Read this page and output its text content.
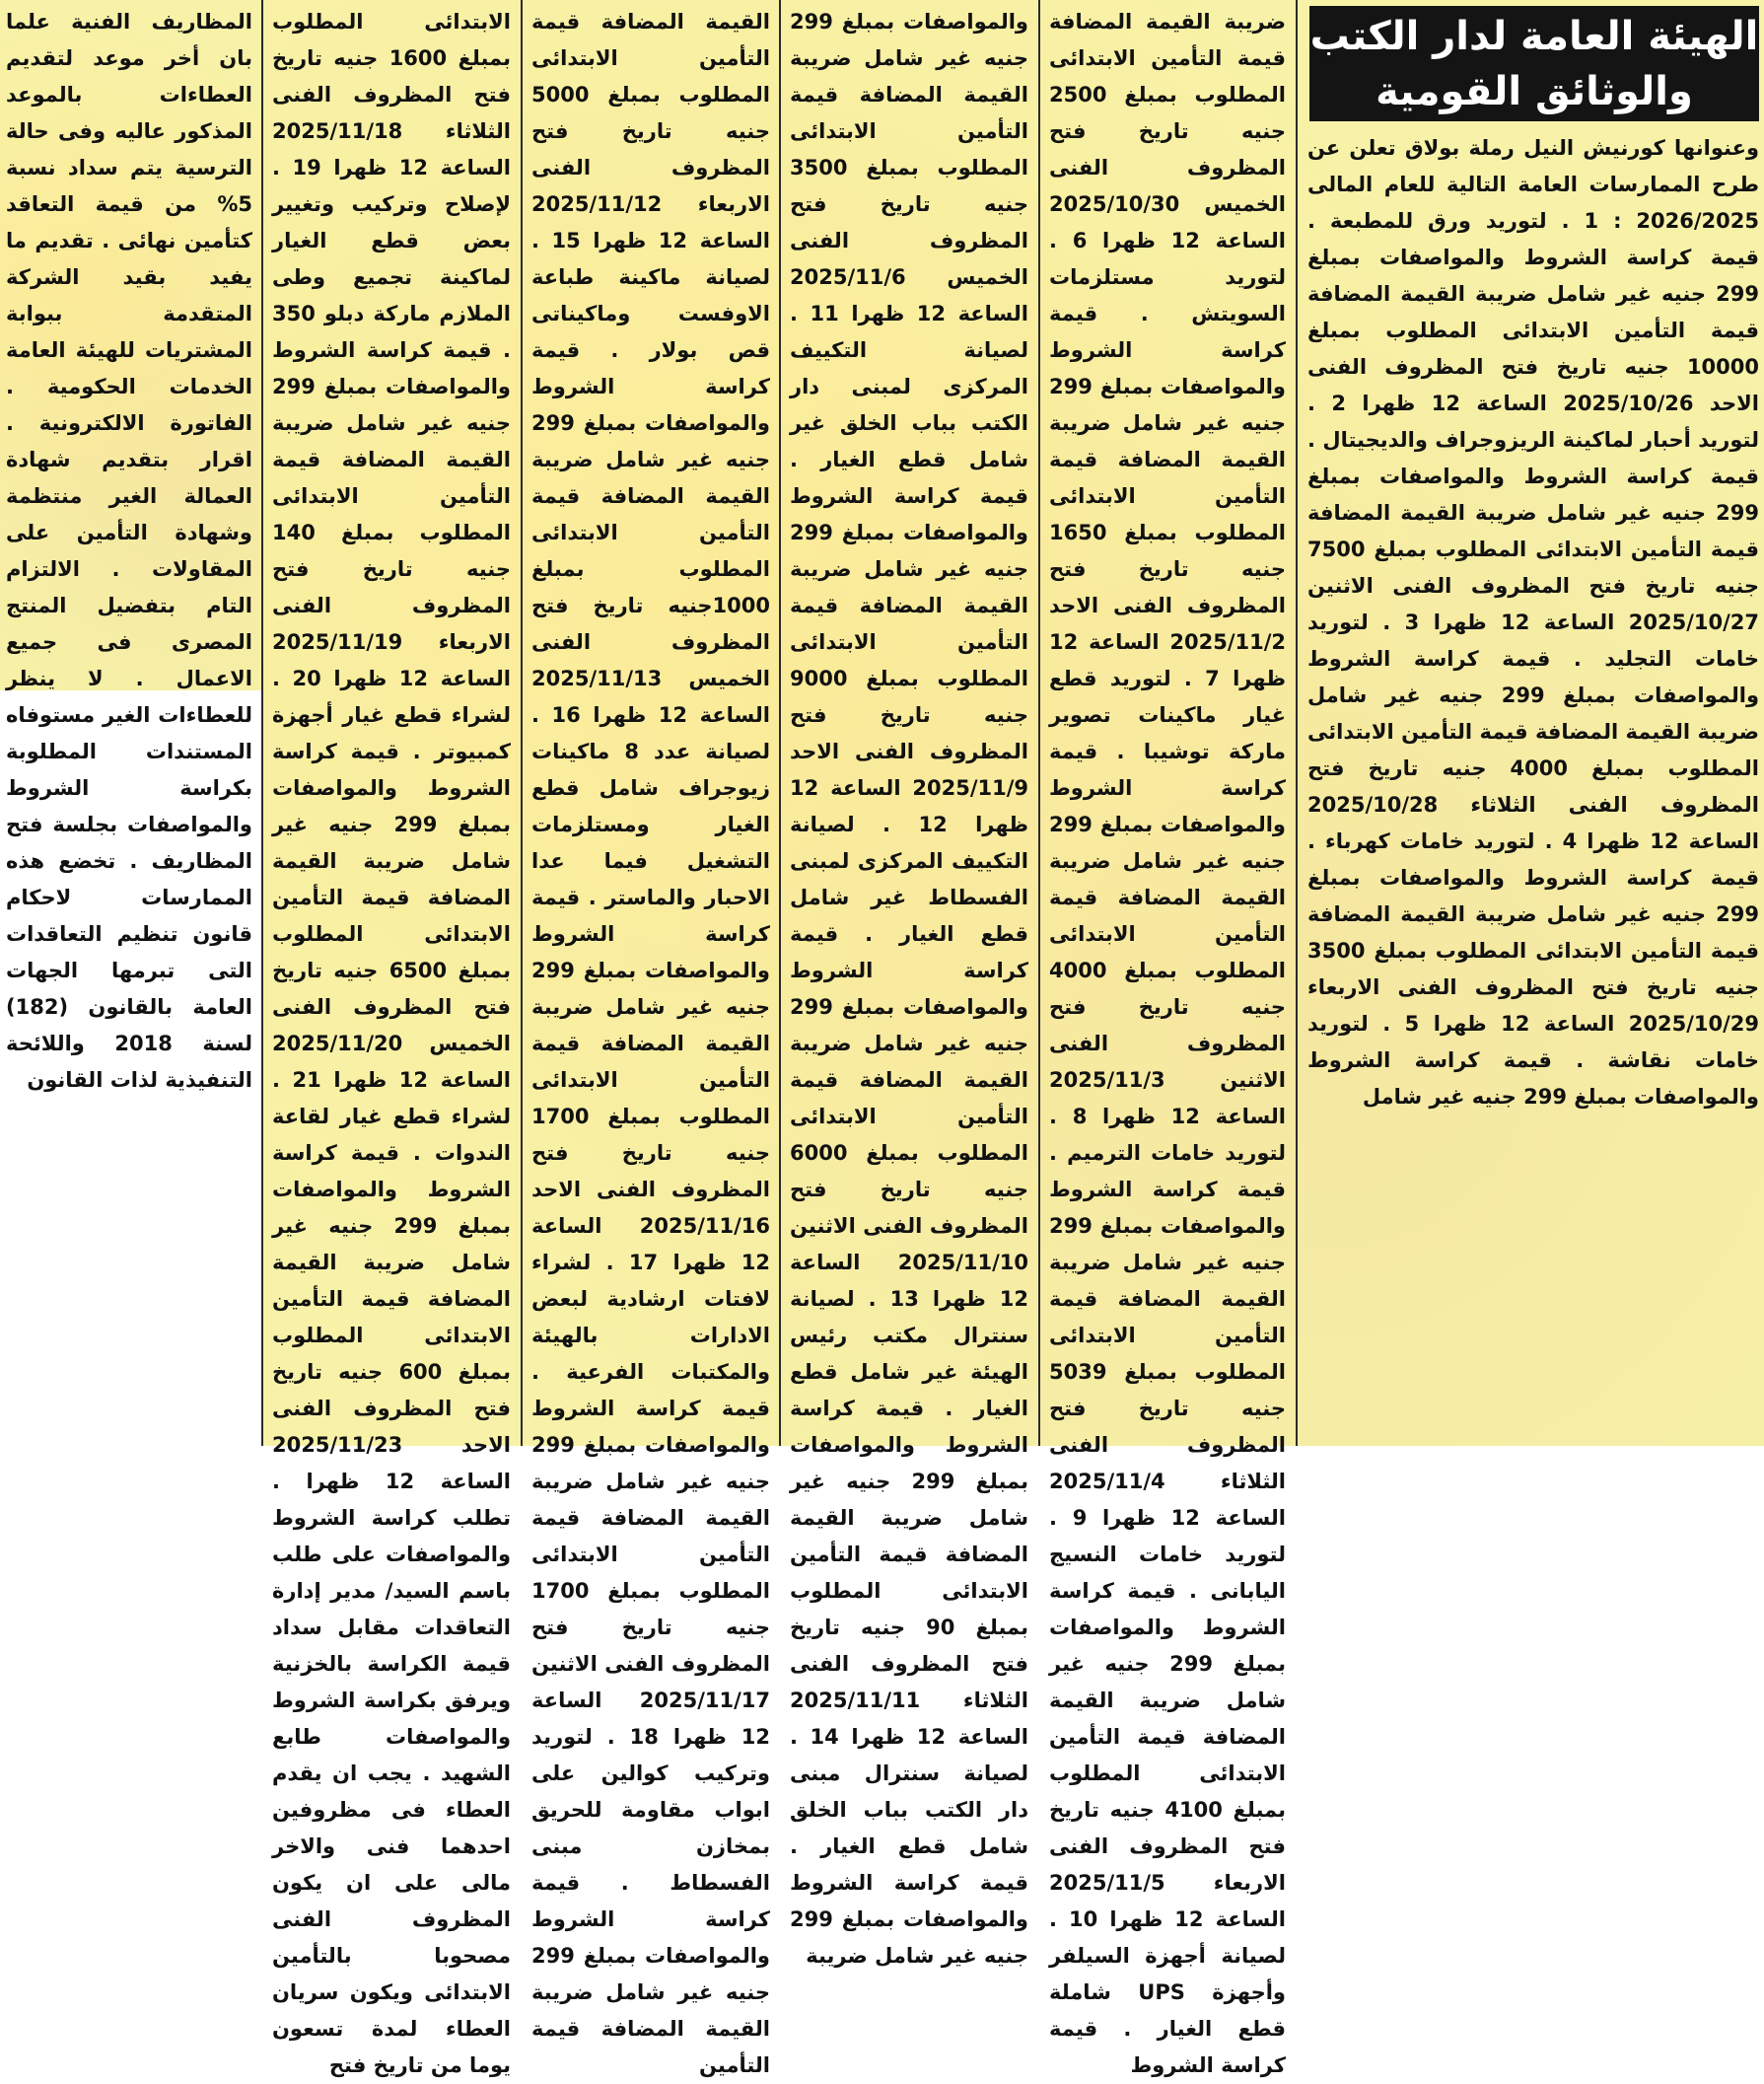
الهيئة العامة لدار الكتب
والوثائق القومية

وعنوانها كورنيش النيل رملة بولاق تعلن عن طرح الممارسات العامة التالية للعام المالى 2026/2025 : 1 . لتوريد ورق للمطبعة . قيمة كراسة الشروط والمواصفات بمبلغ 299 جنيه غير شامل ضريبة القيمة المضافة قيمة التأمين الابتدائى المطلوب بمبلغ 10000 جنيه تاريخ فتح المظروف الفنى الاحد 2025/10/26 الساعة 12 ظهرا 2 . لتوريد أحبار لماكينة الريزوجراف والديجيتال . قيمة كراسة الشروط والمواصفات بمبلغ 299 جنيه غير شامل ضريبة القيمة المضافة قيمة التأمين الابتدائى المطلوب بمبلغ 7500 جنيه تاريخ فتح المظروف الفنى الاثنين 2025/10/27 الساعة 12 ظهرا 3 . لتوريد خامات التجليد . قيمة كراسة الشروط والمواصفات بمبلغ 299 جنيه غير شامل ضريبة القيمة المضافة قيمة التأمين الابتدائى المطلوب بمبلغ 4000 جنيه تاريخ فتح المظروف الفنى الثلاثاء 2025/10/28 الساعة 12 ظهرا 4 . لتوريد خامات كهرباء . قيمة كراسة الشروط والمواصفات بمبلغ 299 جنيه غير شامل ضريبة القيمة المضافة قيمة التأمين الابتدائى المطلوب بمبلغ 3500 جنيه تاريخ فتح المظروف الفنى الاربعاء 2025/10/29 الساعة 12 ظهرا 5 . لتوريد خامات نقاشة . قيمة كراسة الشروط والمواصفات بمبلغ 299 جنيه غير شامل

ضريبة القيمة المضافة قيمة التأمين الابتدائى المطلوب بمبلغ 2500 جنيه تاريخ فتح المظروف الفنى الخميس 2025/10/30 الساعة 12 ظهرا 6 . لتوريد مستلزمات السويتش . قيمة كراسة الشروط والمواصفات بمبلغ 299 جنيه غير شامل ضريبة القيمة المضافة قيمة التأمين الابتدائى المطلوب بمبلغ 1650 جنيه تاريخ فتح المظروف الفنى الاحد 2025/11/2 الساعة 12 ظهرا 7 . لتوريد قطع غيار ماكينات تصوير ماركة توشيبا . قيمة كراسة الشروط والمواصفات بمبلغ 299 جنيه غير شامل ضريبة القيمة المضافة قيمة التأمين الابتدائى المطلوب بمبلغ 4000 جنيه تاريخ فتح المظروف الفنى الاثنين 2025/11/3 الساعة 12 ظهرا 8 . لتوريد خامات الترميم . قيمة كراسة الشروط والمواصفات بمبلغ 299 جنيه غير شامل ضريبة القيمة المضافة قيمة التأمين الابتدائى المطلوب بمبلغ 5039 جنيه تاريخ فتح المظروف الفنى الثلاثاء 2025/11/4 الساعة 12 ظهرا 9 . لتوريد خامات النسيج اليابانى . قيمة كراسة الشروط والمواصفات بمبلغ 299 جنيه غير شامل ضريبة القيمة المضافة قيمة التأمين الابتدائى المطلوب بمبلغ 4100 جنيه تاريخ فتح المظروف الفنى الاربعاء 2025/11/5 الساعة 12 ظهرا 10 . لصيانة أجهزة السيلفر وأجهزة UPS شاملة قطع الغيار . قيمة كراسة الشروط

والمواصفات بمبلغ 299 جنيه غير شامل ضريبة القيمة المضافة قيمة التأمين الابتدائى المطلوب بمبلغ 3500 جنيه تاريخ فتح المظروف الفنى الخميس 2025/11/6 الساعة 12 ظهرا 11 . لصيانة التكييف المركزى لمبنى دار الكتب بباب الخلق غير شامل قطع الغيار . قيمة كراسة الشروط والمواصفات بمبلغ 299 جنيه غير شامل ضريبة القيمة المضافة قيمة التأمين الابتدائى المطلوب بمبلغ 9000 جنيه تاريخ فتح المظروف الفنى الاحد 2025/11/9 الساعة 12 ظهرا 12 . لصيانة التكييف المركزى لمبنى الفسطاط غير شامل قطع الغيار . قيمة كراسة الشروط والمواصفات بمبلغ 299 جنيه غير شامل ضريبة القيمة المضافة قيمة التأمين الابتدائى المطلوب بمبلغ 6000 جنيه تاريخ فتح المظروف الفنى الاثنين 2025/11/10 الساعة 12 ظهرا 13 . لصيانة سنترال مكتب رئيس الهيئة غير شامل قطع الغيار . قيمة كراسة الشروط والمواصفات بمبلغ 299 جنيه غير شامل ضريبة القيمة المضافة قيمة التأمين الابتدائى المطلوب بمبلغ 90 جنيه تاريخ فتح المظروف الفنى الثلاثاء 2025/11/11 الساعة 12 ظهرا 14 . لصيانة سنترال مبنى دار الكتب بباب الخلق شامل قطع الغيار . قيمة كراسة الشروط والمواصفات بمبلغ 299 جنيه غير شامل ضريبة

القيمة المضافة قيمة التأمين الابتدائى المطلوب بمبلغ 5000 جنيه تاريخ فتح المظروف الفنى الاربعاء 2025/11/12 الساعة 12 ظهرا 15 . لصيانة ماكينة طباعة الاوفست وماكيناتى قص بولار . قيمة كراسة الشروط والمواصفات بمبلغ 299 جنيه غير شامل ضريبة القيمة المضافة قيمة التأمين الابتدائى المطلوب بمبلغ 1000جنيه تاريخ فتح المظروف الفنى الخميس 2025/11/13 الساعة 12 ظهرا 16 . لصيانة عدد 8 ماكينات زيوجراف شامل قطع الغيار ومستلزمات التشغيل فيما عدا الاحبار والماستر . قيمة كراسة الشروط والمواصفات بمبلغ 299 جنيه غير شامل ضريبة القيمة المضافة قيمة التأمين الابتدائى المطلوب بمبلغ 1700 جنيه تاريخ فتح المظروف الفنى الاحد 2025/11/16 الساعة 12 ظهرا 17 . لشراء لافتات ارشادية لبعض الادارات بالهيئة والمكتبات الفرعية . قيمة كراسة الشروط والمواصفات بمبلغ 299 جنيه غير شامل ضريبة القيمة المضافة قيمة التأمين الابتدائى المطلوب بمبلغ 1700 جنيه تاريخ فتح المظروف الفنى الاثنين 2025/11/17 الساعة 12 ظهرا 18 . لتوريد وتركيب كوالين على ابواب مقاومة للحريق بمخازن مبنى الفسطاط . قيمة كراسة الشروط والمواصفات بمبلغ 299 جنيه غير شامل ضريبة القيمة المضافة قيمة التأمين

الابتدائى المطلوب بمبلغ 1600 جنيه تاريخ فتح المظروف الفنى الثلاثاء 2025/11/18 الساعة 12 ظهرا 19 . لإصلاح وتركيب وتغيير بعض قطع الغيار لماكينة تجميع وطى الملازم ماركة دبلو 350 . قيمة كراسة الشروط والمواصفات بمبلغ 299 جنيه غير شامل ضريبة القيمة المضافة قيمة التأمين الابتدائى المطلوب بمبلغ 140 جنيه تاريخ فتح المظروف الفنى الاربعاء 2025/11/19 الساعة 12 ظهرا 20 . لشراء قطع غيار أجهزة كمبيوتر . قيمة كراسة الشروط والمواصفات بمبلغ 299 جنيه غير شامل ضريبة القيمة المضافة قيمة التأمين الابتدائى المطلوب بمبلغ 6500 جنيه تاريخ فتح المظروف الفنى الخميس 2025/11/20 الساعة 12 ظهرا 21 . لشراء قطع غيار لقاعة الندوات . قيمة كراسة الشروط والمواصفات بمبلغ 299 جنيه غير شامل ضريبة القيمة المضافة قيمة التأمين الابتدائى المطلوب بمبلغ 600 جنيه تاريخ فتح المظروف الفنى الاحد 2025/11/23 الساعة 12 ظهرا . تطلب كراسة الشروط والمواصفات على طلب باسم السيد/ مدير إدارة التعاقدات مقابل سداد قيمة الكراسة بالخزنية ويرفق بكراسة الشروط والمواصفات طابع الشهيد . يجب ان يقدم العطاء فى مظروفين احدهما فنى والاخر مالى على ان يكون المظروف الفنى مصحوبا بالتأمين الابتدائى ويكون سريان العطاء لمدة تسعون يوما من تاريخ فتح

المظاريف الفنية علما بان أخر موعد لتقديم العطاءات بالموعد المذكور عاليه وفى حالة الترسية يتم سداد نسبة 5% من قيمة التعاقد كتأمين نهائى . تقديم ما يفيد بقيد الشركة المتقدمة ببوابة المشتريات للهيئة العامة الخدمات الحكومية . الفاتورة الالكترونية . اقرار بتقديم شهادة العمالة الغير منتظمة وشهادة التأمين على المقاولات . الالتزام التام بتفضيل المنتج المصرى فى جميع الاعمال . لا ينظر للعطاءات الغير مستوفاه المستندات المطلوبة بكراسة الشروط والمواصفات بجلسة فتح المظاريف . تخضع هذه الممارسات لاحكام قانون تنظيم التعاقدات التى تبرمها الجهات العامة بالقانون (182) لسنة 2018 واللائحة التنفيذية لذات القانون
